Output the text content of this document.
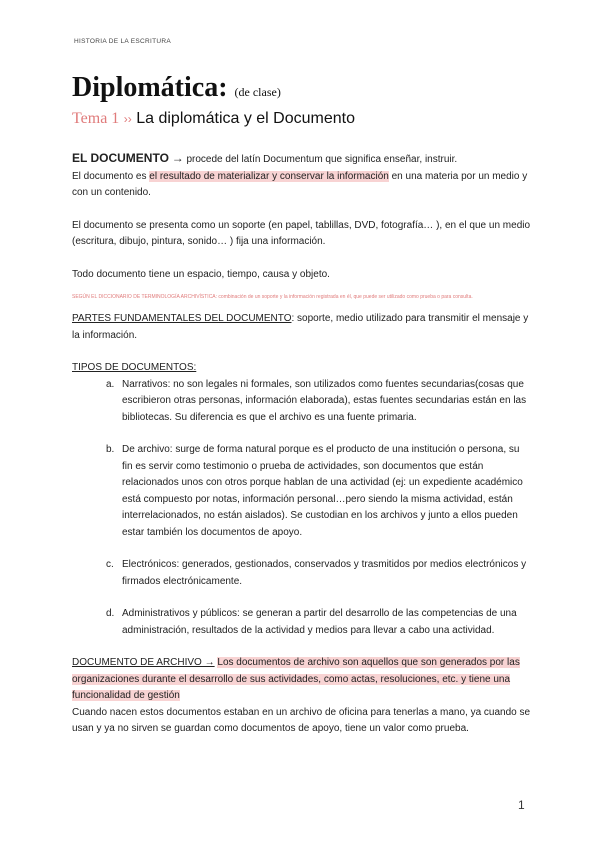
HISTORIA DE LA ESCRITURA
Diplomática: (de clase)
Tema 1 ›› La diplomática y el Documento

EL DOCUMENTO → procede del latín Documentum que significa enseñar, instruir.

El documento es el resultado de materializar y conservar la información en una materia por un medio y con un contenido.

El documento se presenta como un soporte (en papel, tablillas, DVD, fotografía… ), en el que un medio (escritura, dibujo, pintura, sonido… ) fija una información.

Todo documento tiene un espacio, tiempo, causa y objeto.

SEGÚN EL DICCIONARIO DE TERMINOLOGÍA ARCHIVÍSTICA: combinación de un soporte y la información registrada en él, que puede ser utilizado como prueba o para consulta.

PARTES FUNDAMENTALES DEL DOCUMENTO: soporte, medio utilizado para transmitir el mensaje y la información.

TIPOS DE DOCUMENTOS:

a. Narrativos: no son legales ni formales, son utilizados como fuentes secundarias(cosas que escribieron otras personas, información elaborada), estas fuentes secundarias están en las bibliotecas. Su diferencia es que el archivo es una fuente primaria.
b. De archivo: surge de forma natural porque es el producto de una institución o persona, su fin es servir como testimonio o prueba de actividades, son documentos que están relacionados unos con otros porque hablan de una actividad (ej: un expediente académico está compuesto por notas, información personal…pero siendo la misma actividad, están interrelacionados, no están aislados). Se custodian en los archivos y junto a ellos pueden estar también los documentos de apoyo.
c. Electrónicos: generados, gestionados, conservados y trasmitidos por medios electrónicos y firmados electrónicamente.
d. Administrativos y públicos: se generan a partir del desarrollo de las competencias de una administración, resultados de la actividad y medios para llevar a cabo una actividad.

DOCUMENTO DE ARCHIVO → Los documentos de archivo son aquellos que son generados por las organizaciones durante el desarrollo de sus actividades, como actas, resoluciones, etc. y tiene una funcionalidad de gestión

Cuando nacen estos documentos estaban en un archivo de oficina para tenerlas a mano, ya cuando se usan y ya no sirven se guardan como documentos de apoyo, tiene un valor como prueba.

1
